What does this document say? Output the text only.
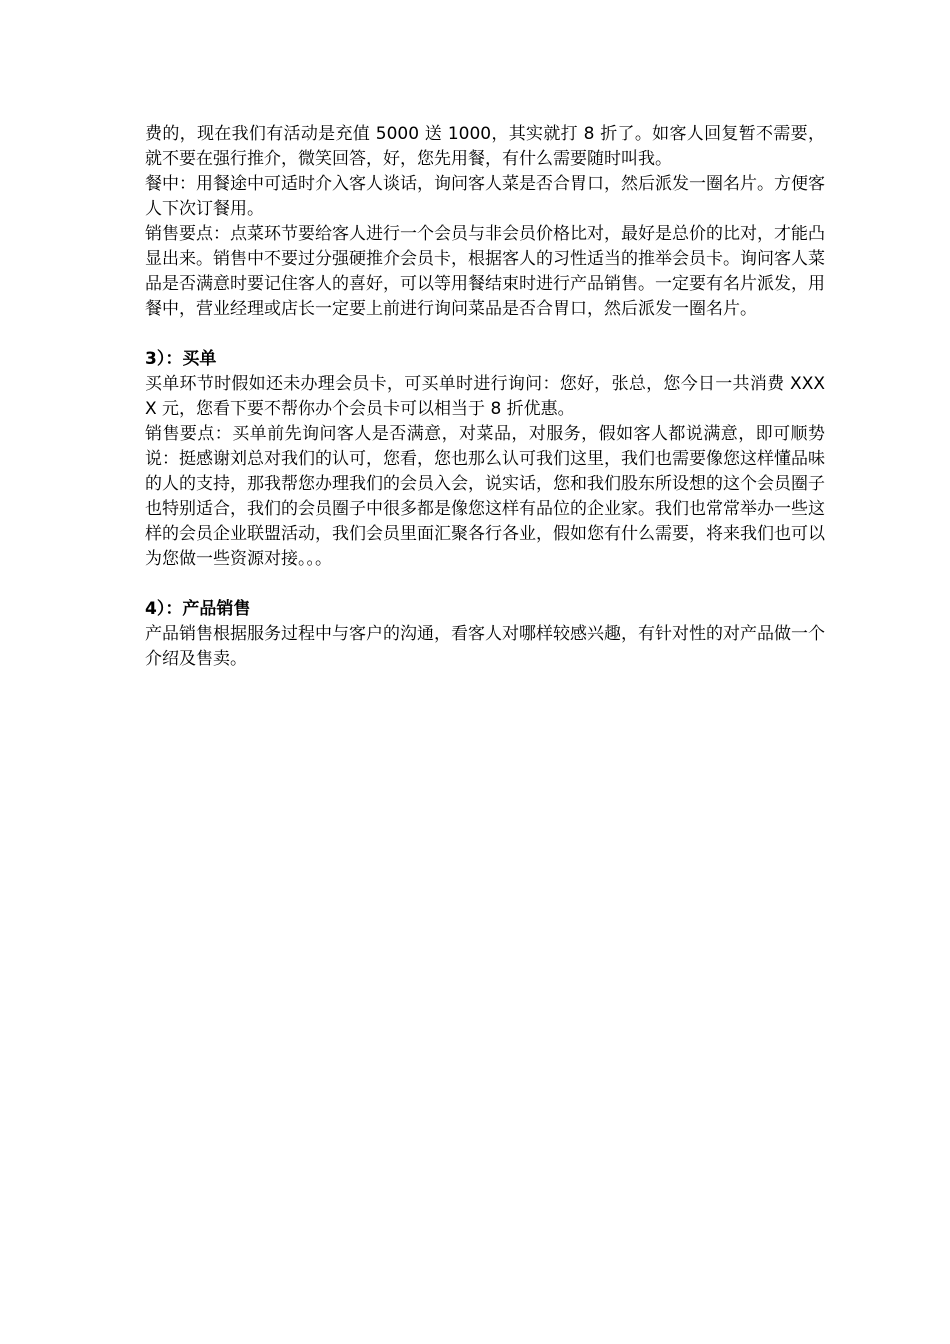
费的，现在我们有活动是充值 5000 送 1000，其实就打 8 折了。如客人回复暂不需要，就不要在强行推介，微笑回答，好，您先用餐，有什么需要随时叫我。

餐中：用餐途中可适时介入客人谈话，询问客人菜是否合胃口，然后派发一圈名片。方便客人下次订餐用。

销售要点：点菜环节要给客人进行一个会员与非会员价格比对，最好是总价的比对，才能凸显出来。销售中不要过分强硬推介会员卡，根据客人的习性适当的推举会员卡。询问客人菜品是否满意时要记住客人的喜好，可以等用餐结束时进行产品销售。一定要有名片派发，用餐中，营业经理或店长一定要上前进行询问菜品是否合胃口，然后派发一圈名片。

3）：买单

买单环节时假如还未办理会员卡，可买单时进行询问：您好，张总，您今日一共消费 XXXX 元，您看下要不帮你办个会员卡可以相当于 8 折优惠。

销售要点：买单前先询问客人是否满意，对菜品，对服务，假如客人都说满意，即可顺势说：挺感谢刘总对我们的认可，您看，您也那么认可我们这里，我们也需要像您这样懂品味的人的支持，那我帮您办理我们的会员入会，说实话，您和我们股东所设想的这个会员圈子也特别适合，我们的会员圈子中很多都是像您这样有品位的企业家。我们也常常举办一些这样的会员企业联盟活动，我们会员里面汇聚各行各业，假如您有什么需要，将来我们也可以为您做一些资源对接。。。

4）：产品销售

产品销售根据服务过程中与客户的沟通，看客人对哪样较感兴趣，有针对性的对产品做一个介绍及售卖。
